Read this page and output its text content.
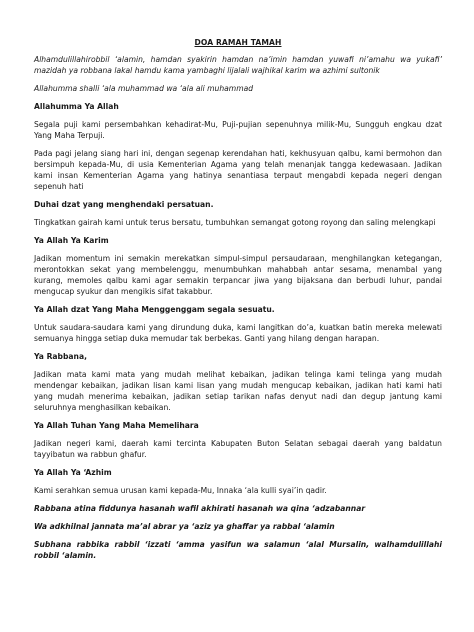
DOA RAMAH TAMAH

Alhamdulillahirobbil ‘alamin, hamdan syakirin hamdan na’imin hamdan yuwafi ni’amahu wa yukafi’ mazidah ya robbana lakal hamdu kama yambaghi lijalali wajhikal karim wa azhimi sultonik

Allahumma shalli ‘ala muhammad wa ‘ala ali muhammad

Allahumma Ya Allah

Segala puji kami persembahkan kehadirat-Mu, Puji-pujian sepenuhnya milik-Mu, Sungguh engkau dzat Yang Maha Terpuji.

Pada pagi jelang siang hari ini, dengan segenap kerendahan hati, kekhusyuan qalbu, kami bermohon dan bersimpuh kepada-Mu, di usia Kementerian Agama yang telah menanjak tangga kedewasaan. Jadikan kami insan Kementerian Agama yang hatinya senantiasa terpaut mengabdi kepada negeri dengan sepenuh hati

Duhai dzat yang menghendaki persatuan.

Tingkatkan gairah kami untuk terus bersatu, tumbuhkan semangat gotong royong dan saling melengkapi

Ya Allah Ya Karim

Jadikan momentum ini semakin merekatkan simpul-simpul persaudaraan, menghilangkan ketegangan, merontokkan sekat yang membelenggu, menumbuhkan mahabbah antar sesama, menambal yang kurang, memoles qalbu kami agar semakin terpancar jiwa yang bijaksana dan berbudi luhur, pandai mengucap syukur dan mengikis sifat takabbur.

Ya Allah dzat Yang Maha Menggenggam segala sesuatu.

Untuk saudara-saudara kami yang dirundung duka, kami langitkan do’a, kuatkan batin mereka melewati semuanya hingga setiap duka memudar tak berbekas. Ganti yang hilang dengan harapan.

Ya Rabbana,

Jadikan mata kami mata yang mudah melihat kebaikan, jadikan telinga kami telinga yang mudah mendengar kebaikan, jadikan lisan kami lisan yang mudah mengucap kebaikan, jadikan hati kami hati yang mudah menerima kebaikan, jadikan setiap tarikan nafas denyut nadi dan degup jantung kami seluruhnya menghasilkan kebaikan.

Ya Allah Tuhan Yang Maha Memelihara

Jadikan negeri kami, daerah kami tercinta Kabupaten Buton Selatan sebagai daerah yang baldatun tayyibatun wa rabbun ghafur.

Ya Allah Ya ‘Azhim

Kami serahkan semua urusan kami kepada-Mu, Innaka ‘ala kulli syai’in qadir.

Rabbana atina fiddunya hasanah wafil akhirati hasanah wa qina ‘adzabannar

Wa adkhilnal jannata ma’al abrar ya ‘aziz ya ghaffar ya rabbal ‘alamin

Subhana rabbika rabbil ‘izzati ‘amma yasifun wa salamun ‘alal Mursalin, walhamdulillahi robbil ‘alamin.
